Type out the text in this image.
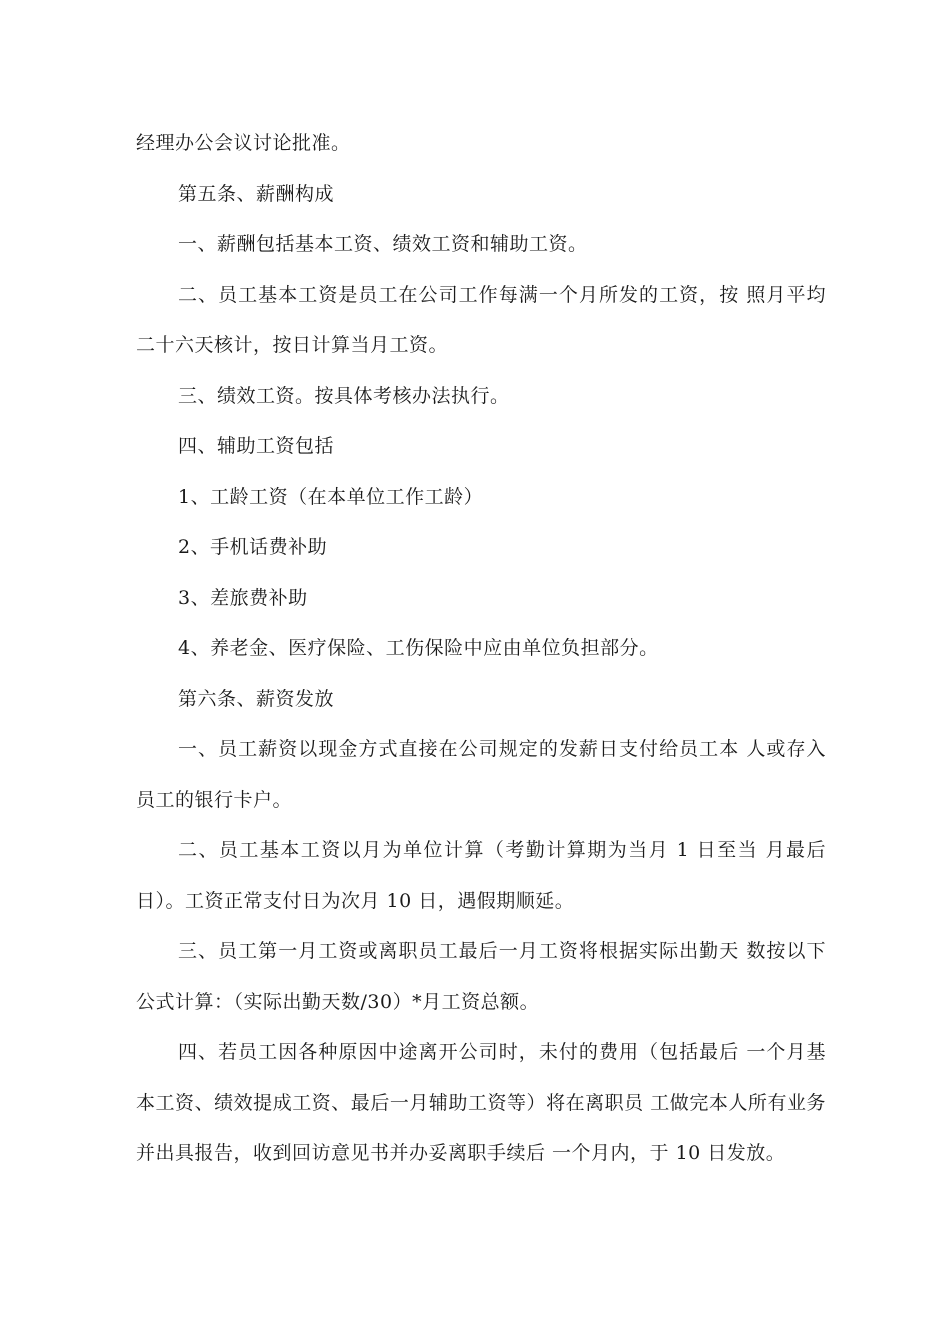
经理办公会议讨论批准。

第五条、薪酬构成

一、薪酬包括基本工资、绩效工资和辅助工资。

二、员工基本工资是员工在公司工作每满一个月所发的工资，按 照月平均二十六天核计，按日计算当月工资。

三、绩效工资。按具体考核办法执行。

四、辅助工资包括

1、工龄工资（在本单位工作工龄）

2、手机话费补助

3、差旅费补助

4、养老金、医疗保险、工伤保险中应由单位负担部分。

第六条、薪资发放

一、员工薪资以现金方式直接在公司规定的发薪日支付给员工本 人或存入员工的银行卡户。

二、员工基本工资以月为单位计算（考勤计算期为当月 1 日至当 月最后日）。工资正常支付日为次月 10 日，遇假期顺延。

三、员工第一月工资或离职员工最后一月工资将根据实际出勤天 数按以下公式计算：（实际出勤天数/30）*月工资总额。

四、若员工因各种原因中途离开公司时，未付的费用（包括最后 一个月基本工资、绩效提成工资、最后一月辅助工资等）将在离职员 工做完本人所有业务并出具报告，收到回访意见书并办妥离职手续后 一个月内，于 10 日发放。
